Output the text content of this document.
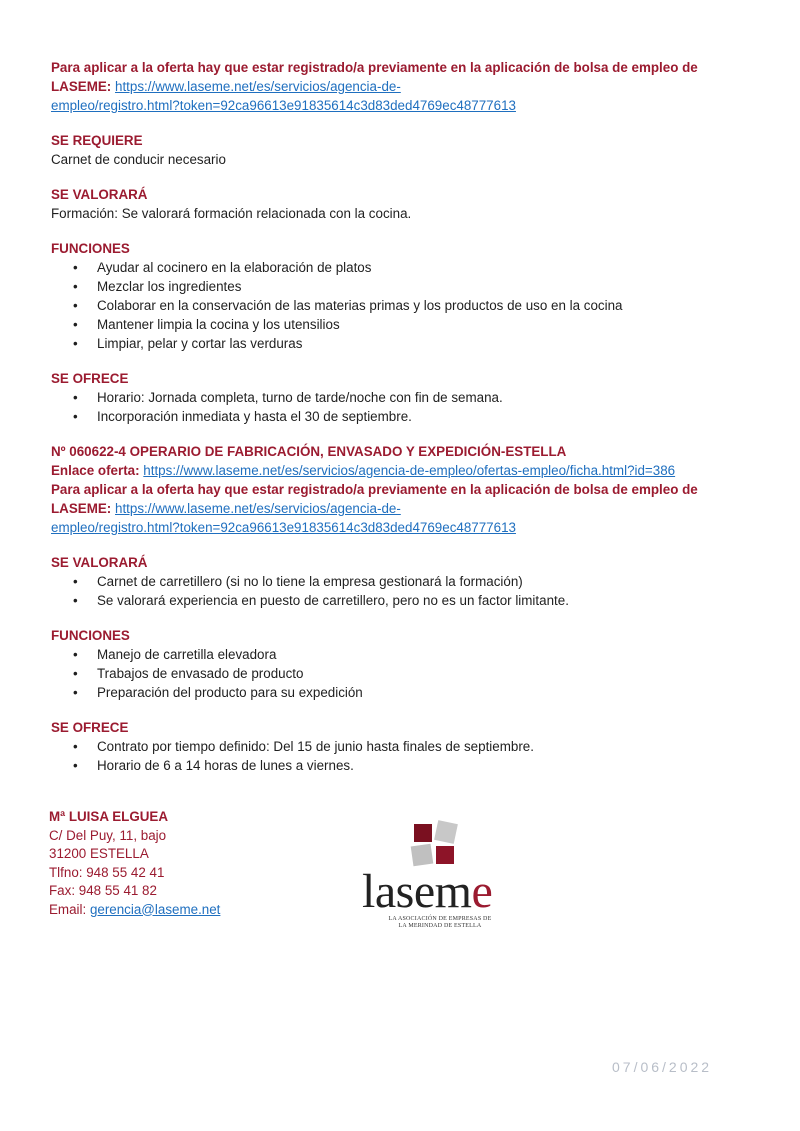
Para aplicar a la oferta hay que estar registrado/a previamente en la aplicación de bolsa de empleo de
LASEME: https://www.laseme.net/es/servicios/agencia-de-
empleo/registro.html?token=92ca96613e91835614c3d83ded4769ec48777613

SE REQUIERE

Carnet de conducir necesario

SE VALORARÁ

Formación: Se valorará formación relacionada con la cocina.

FUNCIONES

• Ayudar al cocinero en la elaboración de platos
• Mezclar los ingredientes
• Colaborar en la conservación de las materias primas y los productos de uso en la cocina
• Mantener limpia la cocina y los utensilios
• Limpiar, pelar y cortar las verduras

SE OFRECE

• Horario: Jornada completa, turno de tarde/noche con fin de semana.
• Incorporación inmediata y hasta el 30 de septiembre.

Nº 060622-4 OPERARIO DE FABRICACIÓN, ENVASADO Y EXPEDICIÓN-ESTELLA
Enlace oferta: https://www.laseme.net/es/servicios/agencia-de-empleo/ofertas-empleo/ficha.html?id=386
Para aplicar a la oferta hay que estar registrado/a previamente en la aplicación de bolsa de empleo de
LASEME: https://www.laseme.net/es/servicios/agencia-de-
empleo/registro.html?token=92ca96613e91835614c3d83ded4769ec48777613

SE VALORARÁ

• Carnet de carretillero (si no lo tiene la empresa gestionará la formación)
• Se valorará experiencia en puesto de carretillero, pero no es un factor limitante.

FUNCIONES

• Manejo de carretilla elevadora
• Trabajos de envasado de producto
• Preparación del producto para su expedición

SE OFRECE

• Contrato por tiempo definido: Del 15 de junio hasta finales de septiembre.
• Horario de 6 a 14 horas de lunes a viernes.
Mª LUISA ELGUEA
C/ Del Puy, 11, bajo
31200 ESTELLA
Tlfno: 948 55 42 41
Fax: 948 55 41 82
Email: gerencia@laseme.net	laseme
LA ASOCIACIÓN DE EMPRESAS DE
LA MERINDAD DE ESTELLA
07/06/2022
